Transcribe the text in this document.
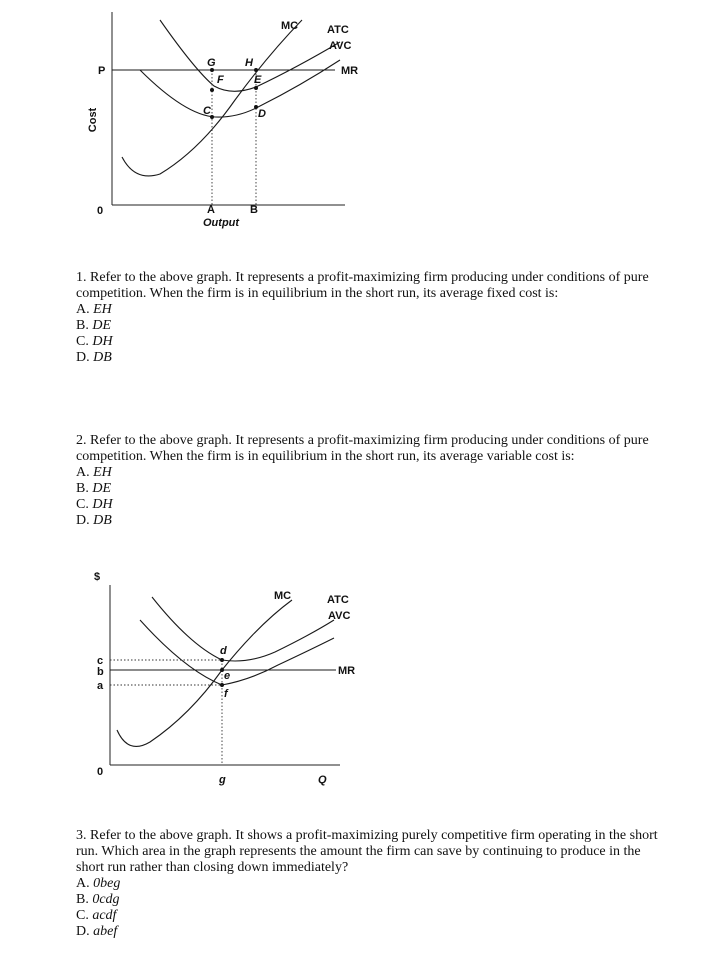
Cost
P
0
MC	ATC
AVC
MR
G	H
F	E
C	D
A	B
Output

1. Refer to the above graph. It represents a profit-maximizing firm producing under conditions of pure competition. When the firm is in equilibrium in the short run, its average fixed cost is:

A. EH

B. DE

C. DH

D. DB

2. Refer to the above graph. It represents a profit-maximizing firm producing under conditions of pure competition. When the firm is in equilibrium in the short run, its average variable cost is:

A. EH

B. DE

C. DH

D. DB

$
c
b
a
0
MC	ATC
AVC
MR
d
e
f
g	Q

3. Refer to the above graph. It shows a profit-maximizing purely competitive firm operating in the short run. Which area in the graph represents the amount the firm can save by continuing to produce in the short run rather than closing down immediately?

A. 0beg

B. 0cdg

C. acdf

D. abef
